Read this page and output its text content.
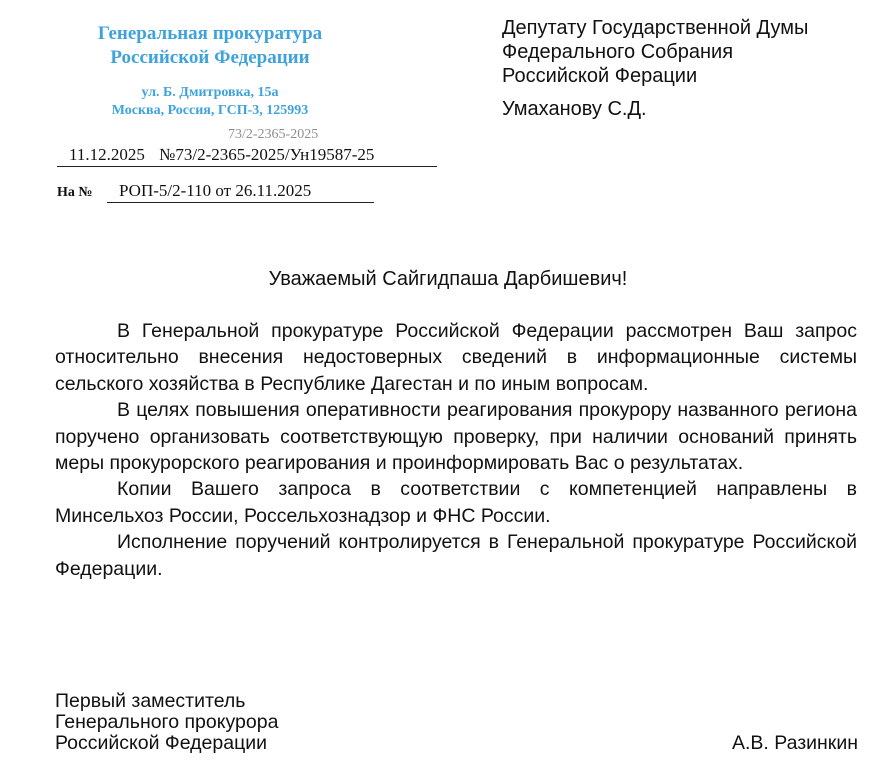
Генеральная прокуратура
Российской Федерации
ул. Б. Дмитровка, 15а
Москва, Россия, ГСП-3, 125993
73/2-2365-2025
11.12.2025 №73/2-2365-2025/Ун19587-25
На №	РОП-5/2-110 от 26.11.2025
Депутату Государственной Думы
Федерального Собрания
Российской Ферации
Умаханову С.Д.
Уважаемый Сайгидпаша Дарбишевич!

В Генеральной прокуратуре Российской Федерации рассмотрен Ваш запрос относительно внесения недостоверных сведений в информационные системы сельского хозяйства в Республике Дагестан и по иным вопросам.

В целях повышения оперативности реагирования прокурору названного региона поручено организовать соответствующую проверку, при наличии оснований принять меры прокурорского реагирования и проинформировать Вас о результатах.

Копии Вашего запроса в соответствии с компетенцией направлены в Минсельхоз России, Россельхознадзор и ФНС России.

Исполнение поручений контролируется в Генеральной прокуратуре Российской Федерации.

Первый заместитель
Генерального прокурора
Российской Федерации	А.В. Разинкин
